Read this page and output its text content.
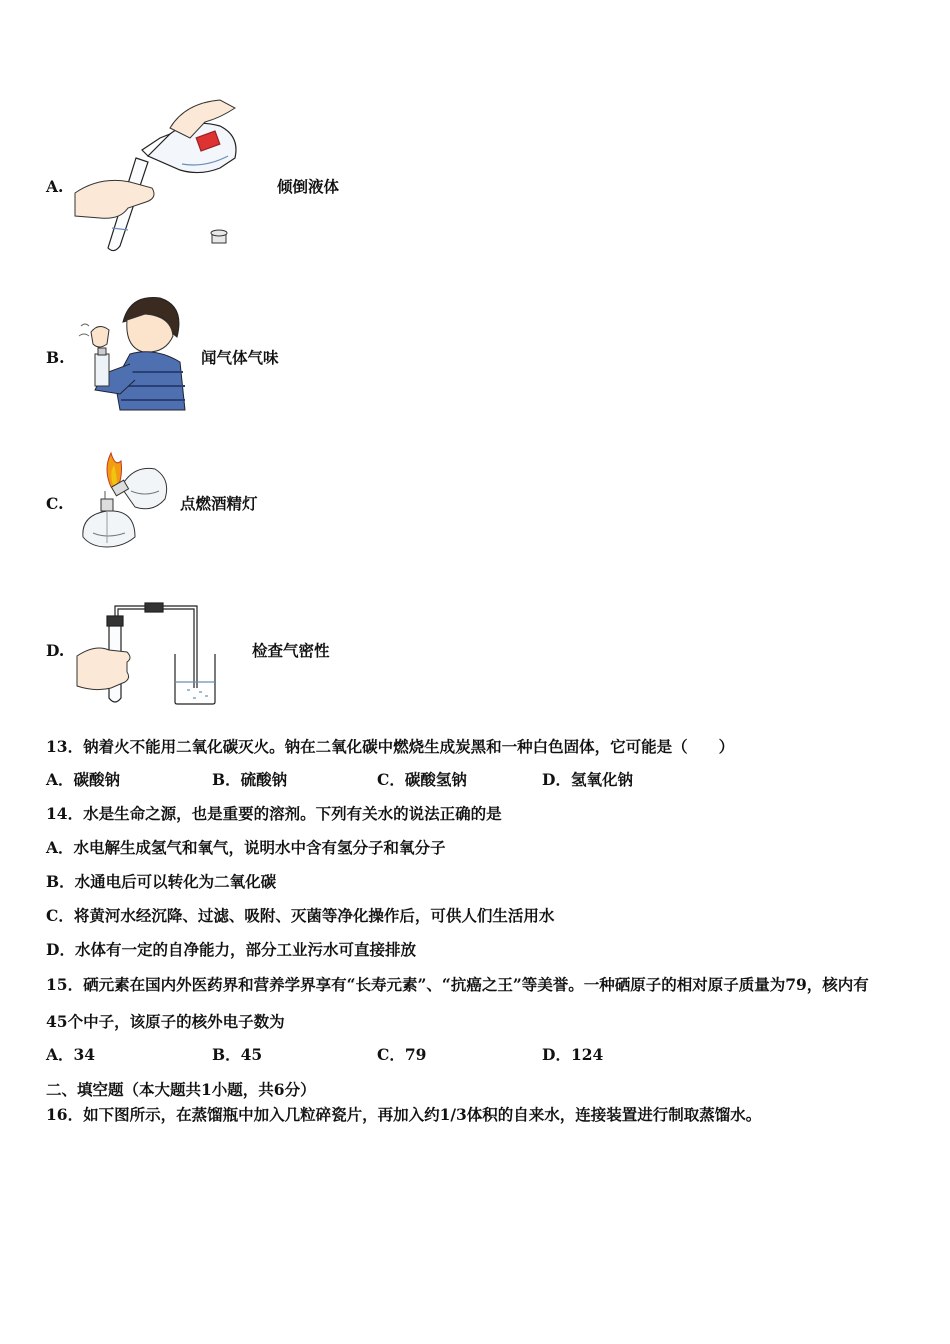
A.	倾倒液体
B.	闻气体气味
C.	点燃酒精灯
D.	检查气密性
13．钠着火不能用二氧化碳灭火。钠在二氧化碳中燃烧生成炭黑和一种白色固体，它可能是（　　）
A．碳酸钠	B．硫酸钠	C．碳酸氢钠	D．氢氧化钠
14．水是生命之源，也是重要的溶剂。下列有关水的说法正确的是
A．水电解生成氢气和氧气，说明水中含有氢分子和氧分子
B．水通电后可以转化为二氧化碳
C．将黄河水经沉降、过滤、吸附、灭菌等净化操作后，可供人们生活用水
D．水体有一定的自净能力，部分工业污水可直接排放
15．硒元素在国内外医药界和营养学界享有“长寿元素”、“抗癌之王”等美誉。一种硒原子的相对原子质量为79，核内有
45个中子，该原子的核外电子数为
A．34	B．45	C．79	D．124
二、填空题（本大题共1小题，共6分）
16．如下图所示，在蒸馏瓶中加入几粒碎瓷片，再加入约1/3体积的自来水，连接装置进行制取蒸馏水。
